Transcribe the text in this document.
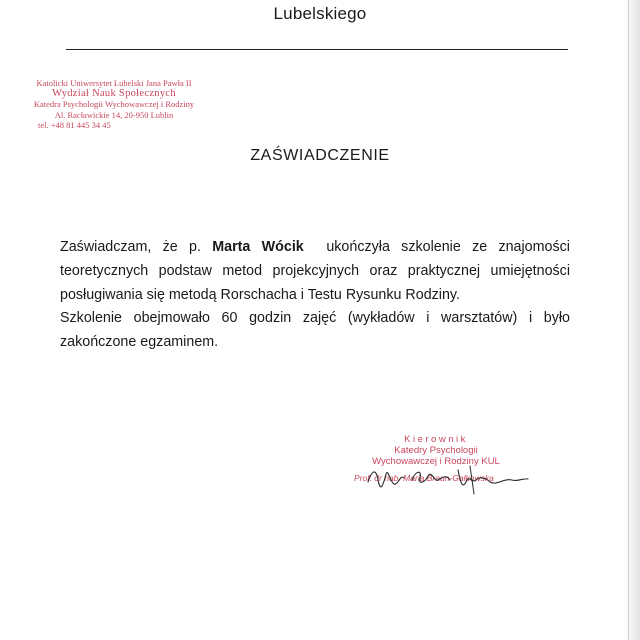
Lubelskiego
Katolicki Uniwersytet Lubelski Jana Pawła II
Wydział Nauk Społecznych
Katedra Psychologii Wychowawczej i Rodziny
Al. Racławickie 14, 20-950 Lublin
tel. +48 81 445 34 45
ZAŚWIADCZENIE

Zaświadczam, że p. Marta Wócik ukończyła szkolenie ze znajomości teoretycznych podstaw metod projekcyjnych oraz praktycznej umiejętności posługiwania się metodą Rorschacha i Testu Rysunku Rodziny.

Szkolenie obejmowało 60 godzin zajęć (wykładów i warsztatów) i było zakończone egzaminem.

Kierownik
Katedry Psychologii
Wychowawczej i Rodziny KUL
Prof. dr hab. Maria Braun-Gałkowska
